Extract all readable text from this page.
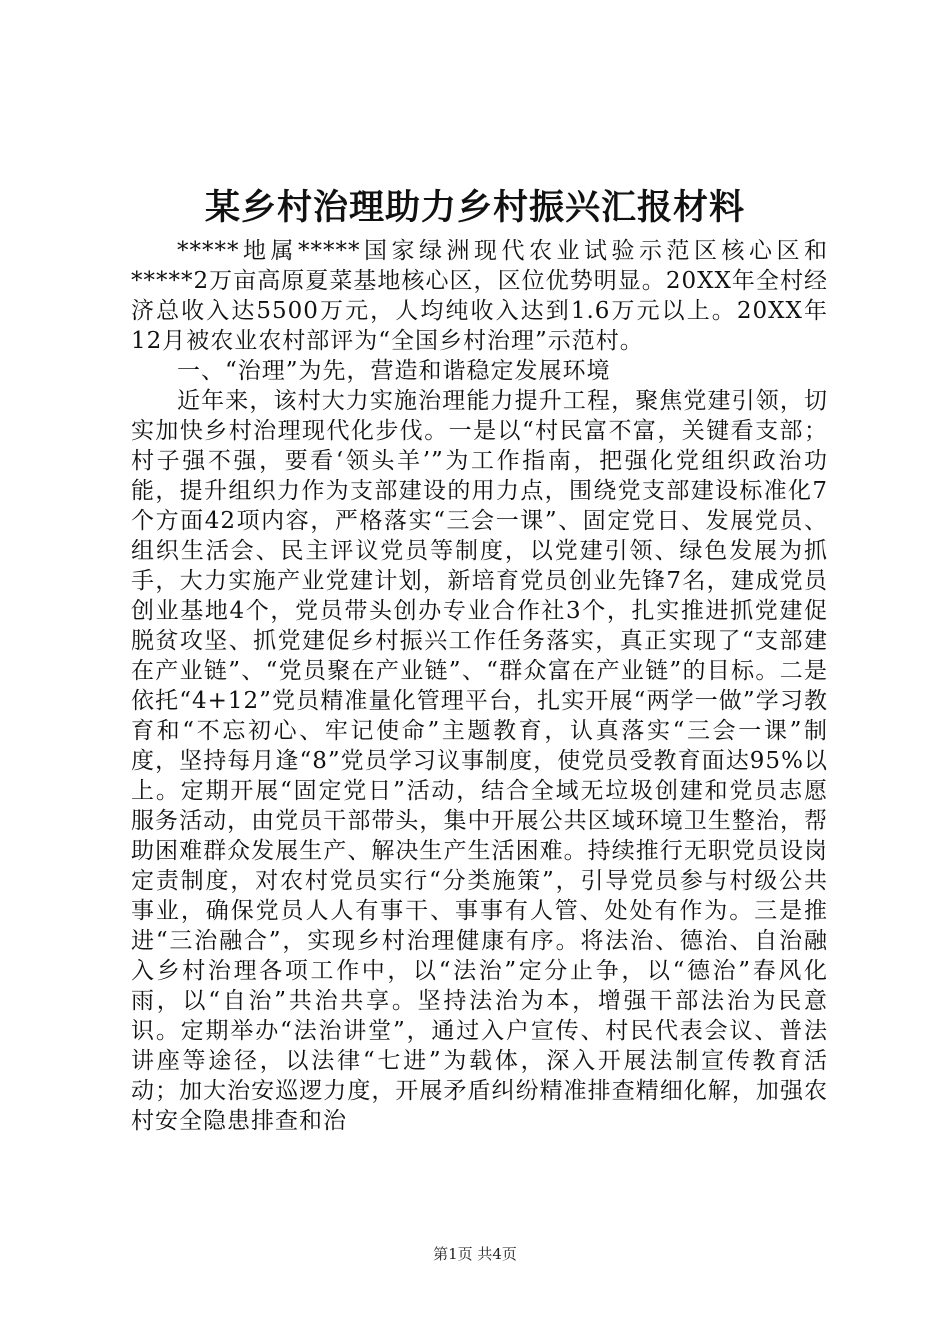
某乡村治理助力乡村振兴汇报材料

*****地属*****国家绿洲现代农业试验示范区核心区和*****2万亩高原夏菜基地核心区，区位优势明显。20XX年全村经济总收入达5500万元，人均纯收入达到1.6万元以上。20XX年12月被农业农村部评为“全国乡村治理”示范村。

一、“治理”为先，营造和谐稳定发展环境

近年来，该村大力实施治理能力提升工程，聚焦党建引领，切实加快乡村治理现代化步伐。一是以“村民富不富，关键看支部；村子强不强，要看‘领头羊’”为工作指南，把强化党组织政治功能，提升组织力作为支部建设的用力点，围绕党支部建设标准化7个方面42项内容，严格落实“三会一课”、固定党日、发展党员、组织生活会、民主评议党员等制度，以党建引领、绿色发展为抓手，大力实施产业党建计划，新培育党员创业先锋7名，建成党员创业基地4个，党员带头创办专业合作社3个，扎实推进抓党建促脱贫攻坚、抓党建促乡村振兴工作任务落实，真正实现了“支部建在产业链”、“党员聚在产业链”、“群众富在产业链”的目标。二是依托“4+12”党员精准量化管理平台，扎实开展“两学一做”学习教育和“不忘初心、牢记使命”主题教育，认真落实“三会一课”制度，坚持每月逢“8”党员学习议事制度，使党员受教育面达95%以上。定期开展“固定党日”活动，结合全域无垃圾创建和党员志愿服务活动，由党员干部带头，集中开展公共区域环境卫生整治，帮助困难群众发展生产、解决生产生活困难。持续推行无职党员设岗定责制度，对农村党员实行“分类施策”，引导党员参与村级公共事业，确保党员人人有事干、事事有人管、处处有作为。三是推进“三治融合”，实现乡村治理健康有序。将法治、德治、自治融入乡村治理各项工作中，以“法治”定分止争，以“德治”春风化雨，以“自治”共治共享。坚持法治为本，增强干部法治为民意识。定期举办“法治讲堂”，通过入户宣传、村民代表会议、普法讲座等途径，以法律“七进”为载体，深入开展法制宣传教育活动；加大治安巡逻力度，开展矛盾纠纷精准排查精细化解，加强农村安全隐患排查和治

第1页 共4页
